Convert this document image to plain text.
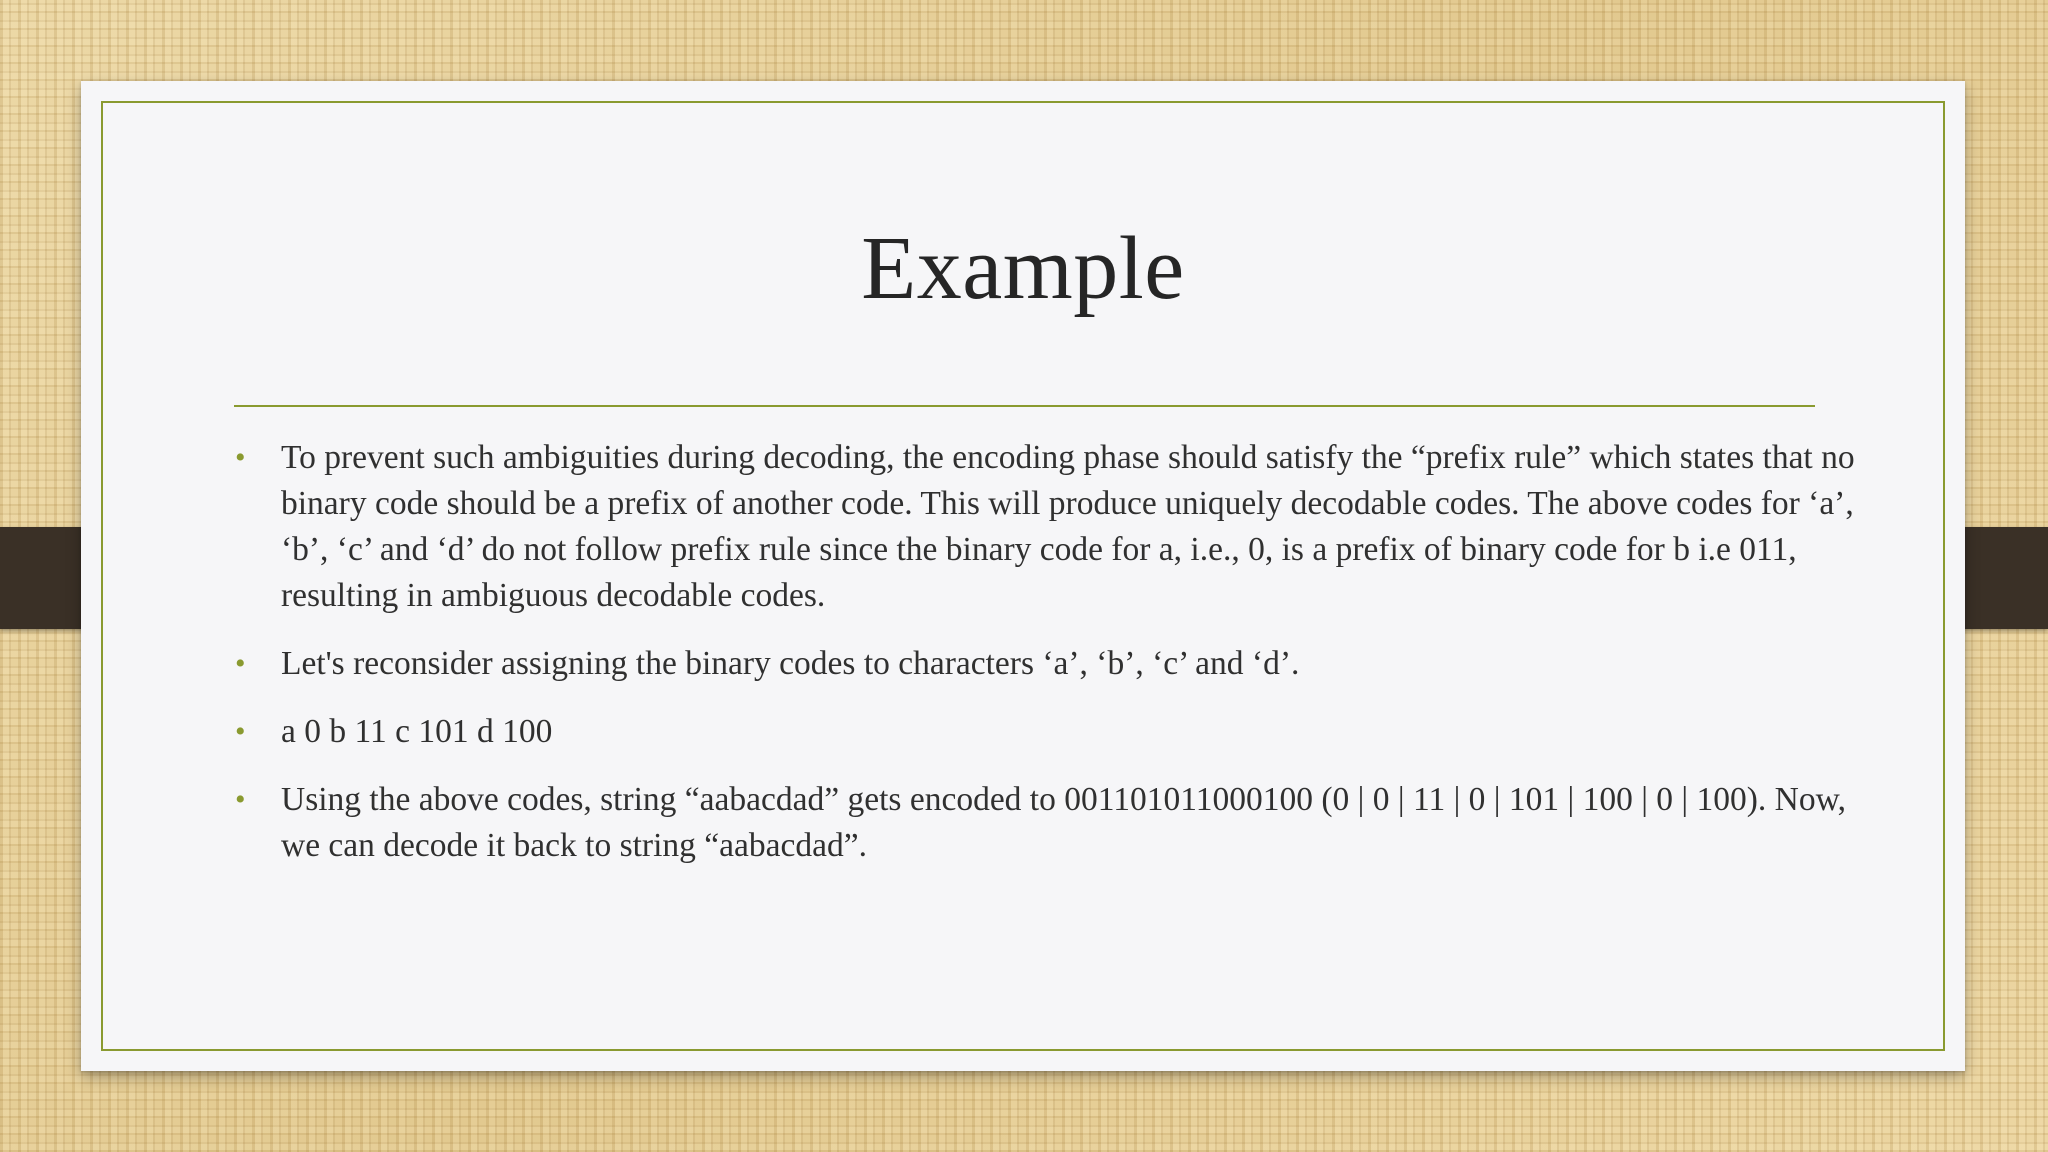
Example
• To prevent such ambiguities during decoding, the encoding phase should satisfy the “prefix rule” which states that no binary code should be a prefix of another code. This will produce uniquely decodable codes. The above codes for ‘a’, ‘b’, ‘c’ and ‘d’ do not follow prefix rule since the binary code for a, i.e., 0, is a prefix of binary code for b i.e 011, resulting in ambiguous decodable codes.
• Let's reconsider assigning the binary codes to characters ‘a’, ‘b’, ‘c’ and ‘d’.
• a 0 b 11 c 101 d 100
• Using the above codes, string “aabacdad” gets encoded to 001101011000100 (0 | 0 | 11 | 0 | 101 | 100 | 0 | 100). Now, we can decode it back to string “aabacdad”.
